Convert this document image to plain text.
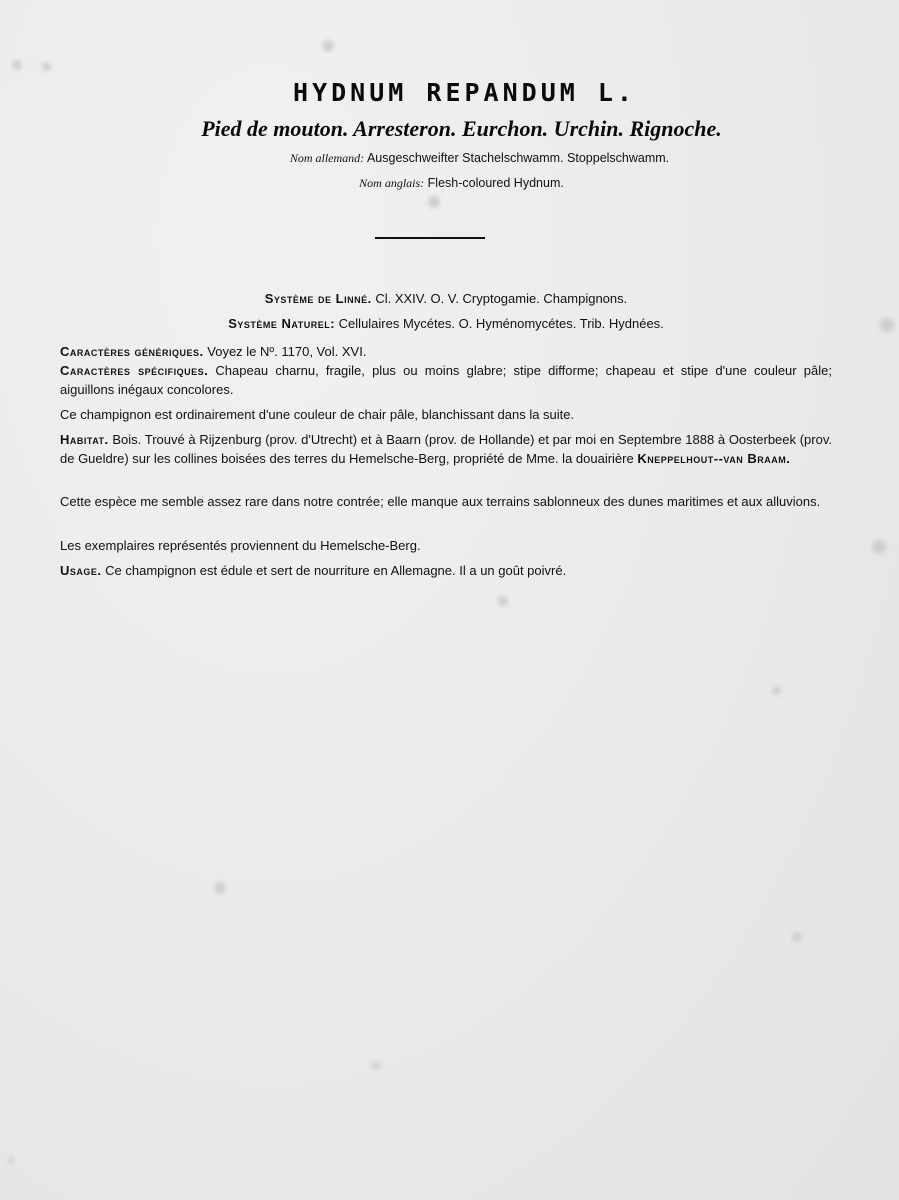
HYDNUM REPANDUM L.
Pied de mouton. Arresteron. Eurchon. Urchin. Rignoche.
Nom allemand: Ausgeschweifter Stachelschwamm. Stoppelschwamm.
Nom anglais: Flesh-coloured Hydnum.
Système de Linné. Cl. XXIV. O. V. Cryptogamie. Champignons.
Système Naturel: Cellulaires Mycétes. O. Hyménomycétes. Trib. Hydnées.
Caractères génériques. Voyez le Nº. 1170, Vol. XVI.
Caractères spécifiques. Chapeau charnu, fragile, plus ou moins glabre; stipe difforme; chapeau et stipe d'une couleur pâle; aiguillons inégaux concolores.
Ce champignon est ordinairement d'une couleur de chair pâle, blanchissant dans la suite.
Habitat. Bois. Trouvé à Rijzenburg (prov. d'Utrecht) et à Baarn (prov. de Hollande) et par moi en Septembre 1888 à Oosterbeek (prov. de Gueldre) sur les collines boisées des terres du Hemelsche-Berg, propriété de Mme. la douairière Kneppelhout--van Braam.
Cette espèce me semble assez rare dans notre contrée; elle manque aux terrains sablonneux des dunes maritimes et aux alluvions.
Les exemplaires représentés proviennent du Hemelsche-Berg.
Usage. Ce champignon est édule et sert de nourriture en Allemagne. Il a un goût poivré.
